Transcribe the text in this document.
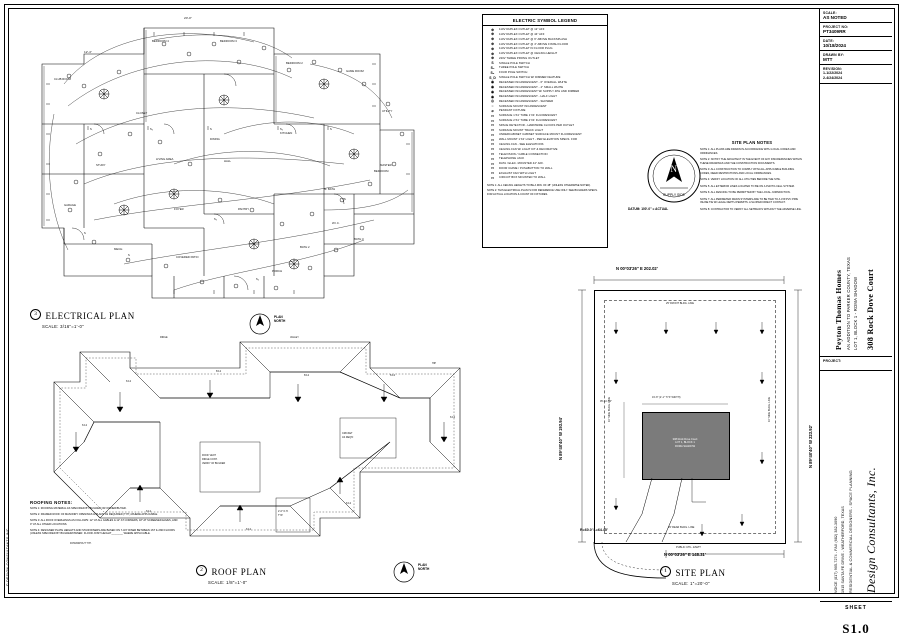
© DESIGN CONSULTANTS INC.
S	S₃	S	S₃	S
S
S₃
S
S₄
S
CLUB ROOM
BEDROOM 4	BEDROOM 3
BEDROOM 2
GAME ROOM
UTILITY
MASTER
BEDROOM
M. BATH
KITCHEN
DINING
LIVING AREA
STUDY
GARAGE
FOYER	PANTRY
COVERED PATIO
PORCH
W.I.C.
MECH.
HALL
BATH 2
BATH 3
CLOSET
20'-0"
12'-4"
3 ELECTRICAL PLAN
SCALE: 3/16"=1'-0"
PLAN
NORTH
ELECTRIC SYMBOL LEGEND
⊕	110V DUPLEX OUTLET @ 12" AFF
⊕	110V DUPLEX OUTLET @ 44" AFF
⊕	110V DUPLEX OUTLET @ 6" ABOVE BACKSPLASH
⊕	110V DUPLEX OUTLET @ 4" ABOVE FINISH FLOOR
⊕	110V DUPLEX OUTLET IN FLOOR PLUG
⊕	110V DUPLEX OUTLET @ CEILING HEIGHT
⊕	220V THREE PRONG OUTLET
S	SINGLE POLE SWITCH
S₃	THREE POLE SWITCH
S₄	FOUR POLE SWITCH
S_D	SINGLE POLE SWITCH W/ DIMMER FEATURE
◉	RECESSED INCANDESCENT - 6" OVERALL WHITE
◉	RECESSED INCANDESCENT - 4" SMALL WHITE
◉	RECESSED INCANDESCENT W/ SUPPLY 4PH AND DIMMER
◉	RECESSED INCANDESCENT - HALF LIGHT
◎	RECESSED INCANDESCENT - SHOWER
○	SURFACE MOUNT INCANDESCENT
⌀	PENDANT FIXTURE
▭	SURFACE 1'X4' TUBE 1'X4' FLUORESCENT
▭	SURFACE 2'X4' TUBE 2'X4' FLUORESCENT
▭	SPACE DETECTOR - HARDWIRE CLOCKS PER OUTLET
▭	SURFACE MOUNT TRACK LIGHT
▭	UNDERCABINET CABINET SURFACE MOUNT FLUORESCENT
▭	WALL MOUNT 1'X4' LIGHT - PER ELEVATION SPECS. FOR
▭	CEILING FAN - SEE ELEVATIONS
▭	CEILING FAN W/ LIGHT KIT & DECORATIVE
▭	TELEVISION / CABLE CONNECTION
▭	TELEPHONE JACK
▭	DATA / ELEC. MOUNTED 44" AFF.
▭	DOOR CHIME / PUSHBUTTON TO WALL
▭	EXHAUST FAN WITH LIGHT
▭	CIRCUIT BOX MOUNTED TO WALL
NOTE 1: ALL CEILING HEIGHTS TO BE A MIN. OF 48" (UNLESS OTHERWISE NOTED).
NOTE 2: THIS ELECTRICAL PLAN IS FOR REFERENCE USE ONLY. SEE BUILDERS SPECS. FOR ACTUAL LOCATION & COUNT OF FIXTURES.
N
SUPPLY SIDE
DATUM: 100'-0" = ACTUAL
SITE PLAN NOTES

NOTE 1: ALL PLANS ARE DRAWN IN ACCORDANCE WITH LOCAL CODES AND ORDINANCES.

NOTE 2: NOTIFY THE ARCHITECT IN THE EVENT OF ANY DISCREPANCIES WITHIN THESE DRAWINGS AND THE CONSTRUCTION DOCUMENTS.

NOTE 3: ALL CONSTRUCTION TO COMPLY WITH ALL APPLICABLE BUILDING CODES, DEED RESTRICTIONS AND LOCAL ORDINANCES.

NOTE 4: VERIFY LOCATION OF ALL UTILITIES BEFORE THE SITE.

NOTE 5: ALL EXTERIOR LINES LOCATED TO BE ON A PHOTO-CELL SYSTEM.

NOTE 6: ALL FENCING TO BE PERMITTED BY THE LOCAL JURISDICTION.

NOTE 7: ALL PERIMETER DRAIN SYSTEMS ARE TO BE TIED TO A 4"Ø PVC PIPE INLINE TIE W/ LEGAL DEPTH PERMITS. A SLOPED DIRECT CONTACT.

NOTE 8: CONTRACTOR TO VERIFY ALL SETBACKS WITHOUT THE ADVERSE LIFE.

6:12
8:12
8:12	6:12
6:12
6:12
6:12
6:12
6:12
ROOF VENT
RIDGE CONT.
VERIFY W/ BUILDER
CRICKET
AS REQ'D
2'-0" O.H.
TYP.
RIDGE	VALLEY
HIP
DOWNSPOUT TYP.
2 ROOF PLAN
SCALE: 1/8"=1'-0"
PLAN
NORTH
ROOFING NOTES:

NOTE 1: ROOFING MATERIAL AS SPECIFIED BY BUILDER OR OWNER/BUYER.

NOTE 2: FRAMED ROOF OF MASONRY OPENINGS & PLANS AS REQUIRED (TYP.) WHERE APPLICABLE.

NOTE 3: ALL ROOF OVERHANGS AS FOLLOWS: 12" AT ALL GABLES & 12" AT CORNERS, 18" AT SCREENED EAVES, AND 0" AT ALL OTHER LOCATIONS.

NOTE 4: DESIGNER PLATE HEIGHTS AND STAIR RISERS ARE BASED ON 7-3/4" RISER BETWEEN 1ST & 2ND FLOORS (UNLESS SPECIFIED BY BUILDER/OWNER. FLOOR JOIST HEIGHT________ WHERE APPLICABLE.

308 Rock Dove Court
LOT 1, BLOCK 1
ROMA SHADOW
25' FRONT BLDG. LINE
25' REAR BLDG. LINE
PUBLIC UTIL. ESM'T
10' SIDE BLDG. LINE	10' SIDE BLDG. LINE
N 00°03'26" E 202.02'
N 00°03'26" E 148.31'
N 89°40'40" W 193.94'	N 89°40'40" W 223.92'
R=60.0' L=64.45'
95'-10 3/4"
19'-8" (2'-1" TYP. WIDTH)
1 SITE PLAN
SCALE: 1"=20'-0"
SCALE:
AS NOTED
PROJECT NO:
PT3409RR
DATE:
10/18/2024
DRAWN BY:
MTT
REVISION:
1-1/22/2024
2-4/24/2024
308 Rock Dove Court
LOT 1, BLOCK 1 - ROMA SHADOW
AN ADDITION TO PARKER COUNTY, TEXAS
Peyton Thomas Homes
PROJECT:
Design Consultants, Inc.
RESIDENTIAL & COMMERCIAL DESIGNERS - SPACE PLANNING
1915 SANTA FE DRIVE - WEATHERFORD, TEXAS
VOICE (817) 905-7274 - FAX (682) 382-3090
SHEET
S1.0
